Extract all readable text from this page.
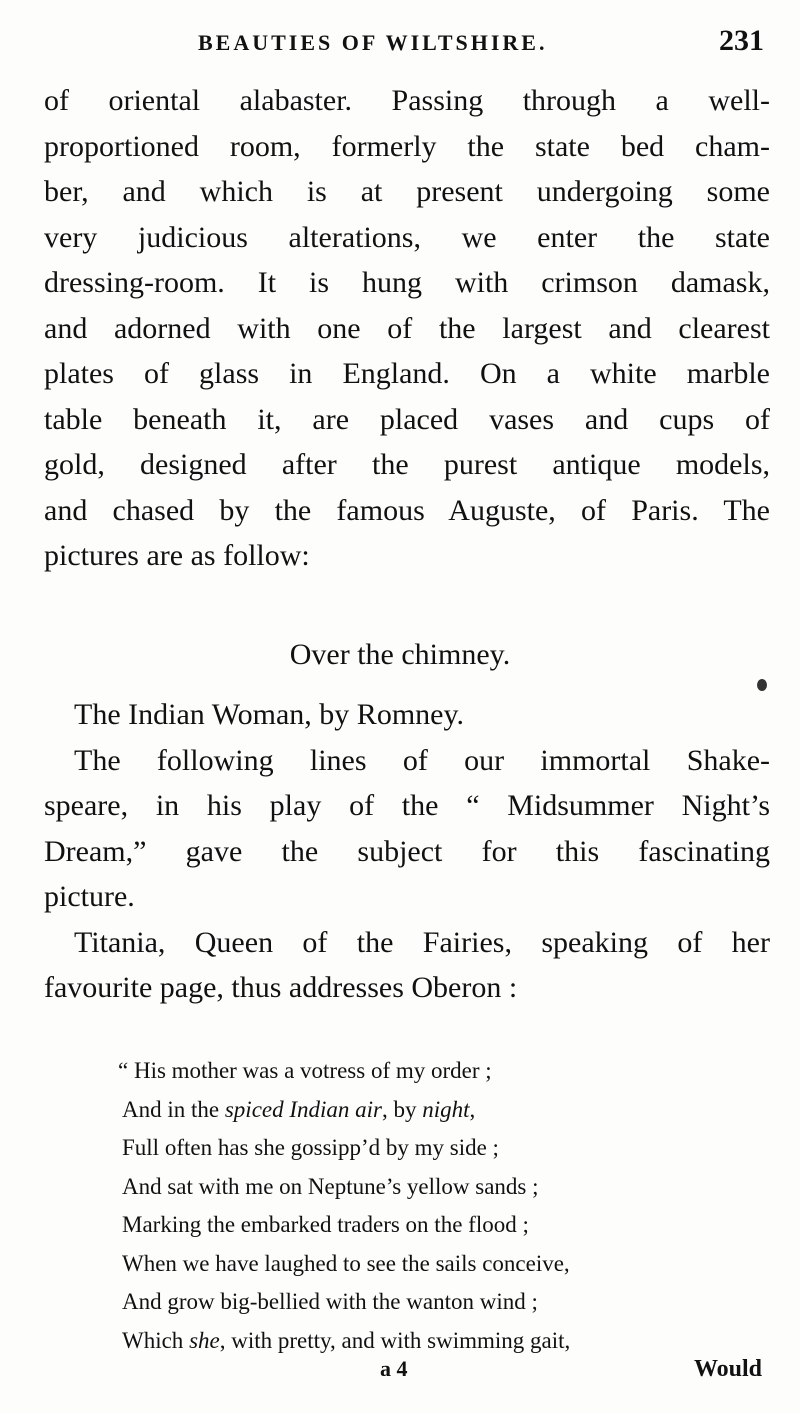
BEAUTIES OF WILTSHIRE.	231
of oriental alabaster. Passing through a well-
proportioned room, formerly the state bed cham-
ber, and which is at present undergoing some
very judicious alterations, we enter the state
dressing-room. It is hung with crimson damask,
and adorned with one of the largest and clearest
plates of glass in England. On a white marble
table beneath it, are placed vases and cups of
gold, designed after the purest antique models,
and chased by the famous Auguste, of Paris. The
pictures are as follow:
Over the chimney.
The Indian Woman, by Romney.
The following lines of our immortal Shake-
speare, in his play of the “ Midsummer Night’s
Dream,” gave the subject for this fascinating
picture.
Titania, Queen of the Fairies, speaking of her
favourite page, thus addresses Oberon :
“ His mother was a votress of my order ;
And in the spiced Indian air, by night,
Full often has she gossipp’d by my side ;
And sat with me on Neptune’s yellow sands ;
Marking the embarked traders on the flood ;
When we have laughed to see the sails conceive,
And grow big-bellied with the wanton wind ;
Which she, with pretty, and with swimming gait,
a 4	Would
